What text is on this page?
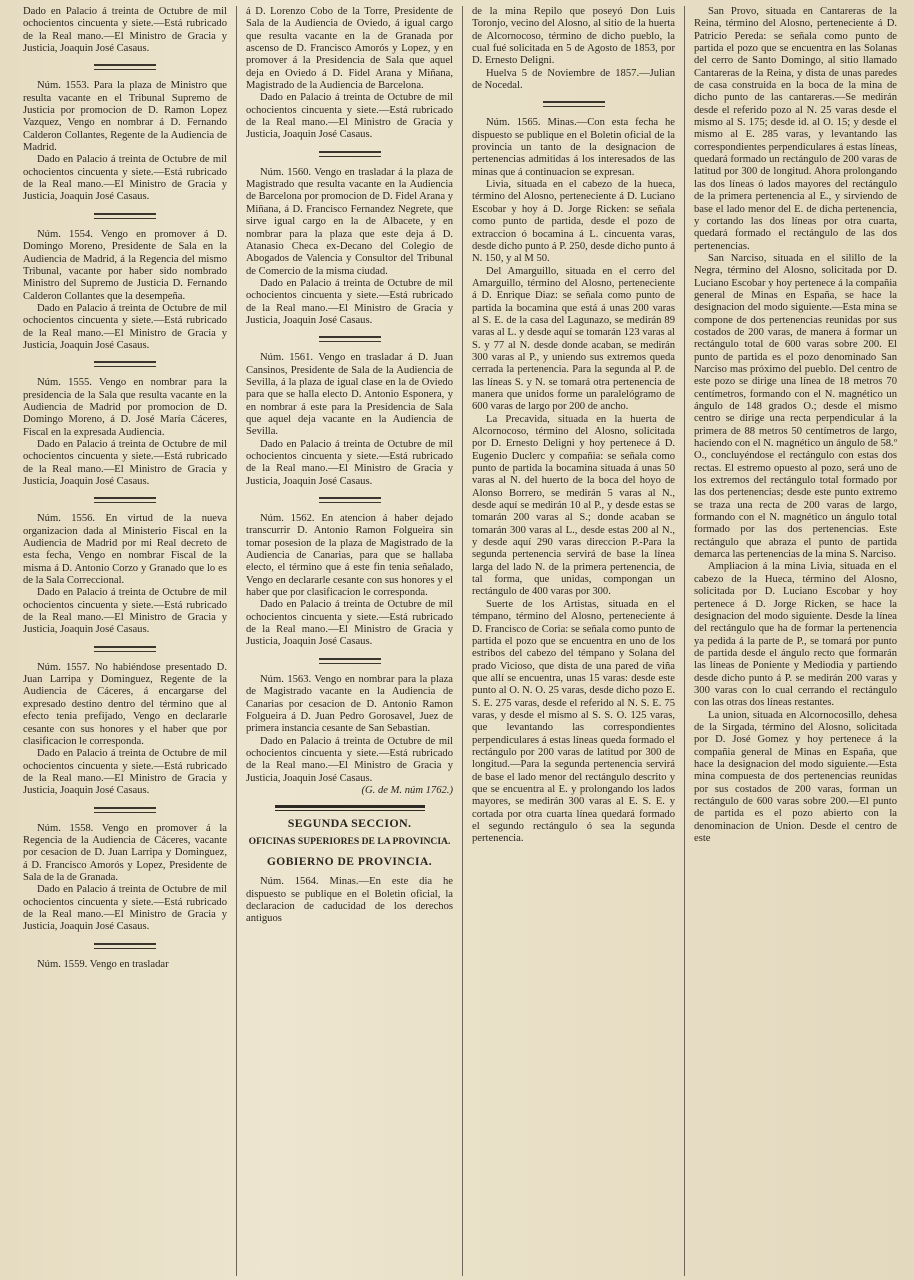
Dado en Palacio á treinta de Octubre de mil ochocientos cincuenta y siete.—Está rubricado de la Real mano.—El Ministro de Gracia y Justicia, Joaquin José Casaus.

Núm. 1553. Para la plaza de Ministro que resulta vacante en el Tribunal Supremo de Justicia por promocion de D. Ramon Lopez Vazquez, Vengo en nombrar á D. Fernando Calderon Collantes, Regente de la Audiencia de Madrid.

Dado en Palacio á treinta de Octubre de mil ochocientos cincuenta y siete.—Está rubricado de la Real mano.—El Ministro de Gracia y Justicia, Joaquin José Casaus.

Núm. 1554. Vengo en promover á D. Domingo Moreno, Presidente de Sala en la Audiencia de Madrid, á la Regencia del mismo Tribunal, vacante por haber sido nombrado Ministro del Supremo de Justicia D. Fernando Calderon Collantes que la desempeña.

Dado en Palacio á treinta de Octubre de mil ochocientos cincuenta y siete.—Está rubricado de la Real mano.—El Ministro de Gracia y Justicia, Joaquin José Casaus.

Núm. 1555. Vengo en nombrar para la presidencia de la Sala que resulta vacante en la Audiencia de Madrid por promocion de D. Domingo Moreno, á D. José María Cáceres, Fiscal en la expresada Audiencia.

Dado en Palacio á treinta de Octubre de mil ochocientos cincuenta y siete.—Está rubricado de la Real mano.—El Ministro de Gracia y Justicia, Joaquin José Casaus.

Núm. 1556. En virtud de la nueva organizacion dada al Ministerio Fiscal en la Audiencia de Madrid por mi Real decreto de esta fecha, Vengo en nombrar Fiscal de la misma á D. Antonio Corzo y Granado que lo es de la Sala Correccional.

Dado en Palacio á treinta de Octubre de mil ochocientos cincuenta y siete.—Está rubricado de la Real mano.—El Ministro de Gracia y Justicia, Joaquin José Casaus.

Núm. 1557. No habiéndose presentado D. Juan Larripa y Dominguez, Regente de la Audiencia de Cáceres, á encargarse del expresado destino dentro del término que al efecto tenia prefijado, Vengo en declararle cesante con sus honores y el haber que por clasificacion le corresponda.

Dado en Palacio á treinta de Octubre de mil ochocientos cincuenta y siete.—Está rubricado de la Real mano.—El Ministro de Gracia y Justicia, Joaquin José Casaus.

Núm. 1558. Vengo en promover á la Regencia de la Audiencia de Cáceres, vacante por cesacion de D. Juan Larripa y Dominguez, á D. Francisco Amorós y Lopez, Presidente de Sala de la de Granada.

Dado en Palacio á treinta de Octubre de mil ochocientos cincuenta y siete.—Está rubricado de la Real mano.—El Ministro de Gracia y Justicia, Joaquin José Casaus.

Núm. 1559. Vengo en trasladar

á D. Lorenzo Cobo de la Torre, Presidente de Sala de la Audiencia de Oviedo, á igual cargo que resulta vacante en la de Granada por ascenso de D. Francisco Amorós y Lopez, y en promover á la Presidencia de Sala que aquel deja en Oviedo á D. Fidel Arana y Miñana, Magistrado de la Audiencia de Barcelona.

Dado en Palacio á treinta de Octubre de mil ochocientos cincuenta y siete.—Está rubricado de la Real mano.—El Ministro de Gracia y Justicia, Joaquin José Casaus.

Núm. 1560. Vengo en trasladar á la plaza de Magistrado que resulta vacante en la Audiencia de Barcelona por promocion de D. Fidel Arana y Miñana, á D. Francisco Fernandez Negrete, que sirve igual cargo en la de Albacete, y en nombrar para la plaza que este deja á D. Atanasio Checa ex-Decano del Colegio de Abogados de Valencia y Consultor del Tribunal de Comercio de la misma ciudad.

Dado en Palacio á treinta de Octubre de mil ochocientos cincuenta y siete.—Está rubricado de la Real mano.—El Ministro de Gracia y Justicia, Joaquin José Casaus.

Núm. 1561. Vengo en trasladar á D. Juan Cansinos, Presidente de Sala de la Audiencia de Sevilla, á la plaza de igual clase en la de Oviedo para que se halla electo D. Antonio Esponera, y en nombrar á este para la Presidencia de Sala que aquel deja vacante en la Audiencia de Sevilla.

Dado en Palacio á treinta de Octubre de mil ochocientos cincuenta y siete.—Está rubricado de la Real mano.—El Ministro de Gracia y Justicia, Joaquin José Casaus.

Núm. 1562. En atencion á haber dejado transcurrir D. Antonio Ramon Folgueira sin tomar posesion de la plaza de Magistrado de la Audiencia de Canarias, para que se hallaba electo, el término que á este fin tenia señalado, Vengo en declararle cesante con sus honores y el haber que por clasificacion le corresponda.

Dado en Palacio á treinta de Octubre de mil ochocientos cincuenta y siete.—Está rubricado de la Real mano.—El Ministro de Gracia y Justicia, Joaquin José Casaus.

Núm. 1563. Vengo en nombrar para la plaza de Magistrado vacante en la Audiencia de Canarias por cesacion de D. Antonio Ramon Folgueira á D. Juan Pedro Gorosavel, Juez de primera instancia cesante de San Sebastian.

Dado en Palacio á treinta de Octubre de mil ochocientos cincuenta y siete.—Está rubricado de la Real mano.—El Ministro de Gracia y Justicia, Joaquin José Casaus.

(G. de M. núm 1762.)

SEGUNDA SECCION.
OFICINAS SUPERIORES DE LA PROVINCIA.
GOBIERNO DE PROVINCIA.

Núm. 1564. Minas.—En este dia he dispuesto se publique en el Boletin oficial, la declaracion de caducidad de los derechos antiguos

de la mina Repilo que poseyó Don Luis Toronjo, vecino del Alosno, al sitio de la huerta de Alcornocoso, término de dicho pueblo, la cual fué solicitada en 5 de Agosto de 1853, por D. Ernesto Deligni.

Huelva 5 de Noviembre de 1857.—Julian de Nocedal.

Núm. 1565. Minas.—Con esta fecha he dispuesto se publique en el Boletin oficial de la provincia un tanto de la designacion de pertenencias admitidas á los interesados de las minas que á continuacion se expresan.

Livia, situada en el cabezo de la hueca, término del Alosno, perteneciente á D. Luciano Escobar y hoy á D. Jorge Ricken: se señala como punto de partida, desde el pozo de extraccion ó bocamina á L. cincuenta varas, desde dicho punto á P. 250, desde dicho punto á N. 150, y al M 50.

Del Amarguillo, situada en el cerro del Amarguillo, término del Alosno, perteneciente á D. Enrique Diaz: se señala como punto de partida la bocamina que está á unas 200 varas al S. E. de la casa del Lagunazo, se medirán 89 varas al L. y desde aquí se tomarán 123 varas al S. y 77 al N. desde donde acaban, se medirán 300 varas al P., y uniendo sus extremos queda cerrada la pertenencia. Para la segunda al P. de las líneas S. y N. se tomará otra pertenencia de manera que unidos forme un paralelógramo de 600 varas de largo por 200 de ancho.

La Precavida, situada en la huerta de Alcornocoso, término del Alosno, solicitada por D. Ernesto Deligni y hoy pertenece á D. Eugenio Duclerc y compañia: se señala como punto de partida la bocamina situada á unas 50 varas al N. del huerto de la boca del hoyo de Alonso Borrero, se medirán 5 varas al N., desde aquí se medirán 10 al P., y desde estas se tomarán 200 varas al S.; donde acaban se tomarán 300 varas al L., desde estas 200 al N., y desde aquí 290 varas direccion P.-Para la segunda pertenencia servirá de base la línea larga del lado N. de la primera pertenencia, de tal forma, que unidas, compongan un rectángulo de 400 varas por 300.

Suerte de los Artistas, situada en el témpano, término del Alosno, perteneciente á D. Francisco de Coria: se señala como punto de partida el pozo que se encuentra en uno de los estribos del cabezo del témpano y Solana del prado Vicioso, que dista de una pared de viña que allí se encuentra, unas 15 varas: desde este punto al O. N. O. 25 varas, desde dicho pozo E. S. E. 275 varas, desde el referido al N. S. E. 75 varas, y desde el mismo al S. S. O. 125 varas, que levantando las correspondientes perpendiculares á estas líneas queda formado el rectángulo por 200 varas de latitud por 300 de longitud.—Para la segunda pertenencia servirá de base el lado menor del rectángulo descrito y que se encuentra al E. y prolongando los lados mayores, se medirán 300 varas al E. S. E. y cortada por otra cuarta línea quedará formado el segundo rectángulo ó sea la segunda pertenencia.

San Provo, situada en Cantareras de la Reina, término del Alosno, perteneciente á D. Patricio Pereda: se señala como punto de partida el pozo que se encuentra en las Solanas del cerro de Santo Domingo, al sitio llamado Cantareras de la Reina, y dista de unas paredes de casa construida en la boca de la mina de dicho punto de las cantareras.—Se medirán desde el referido pozo al N. 25 varas desde el mismo al S. 175; desde id. al O. 15; y desde el mismo al E. 285 varas, y levantando las correspondientes perpendiculares á estas líneas, quedará formado un rectángulo de 200 varas de latitud por 300 de longitud. Ahora prolongando las dos líneas ó lados mayores del rectángulo de la primera pertenencia al E., y sirviendo de base el lado menor del E. de dicha pertenencia, y cortando las dos líneas por otra cuarta, quedará formado el rectángulo de las dos pertenencias.

San Narciso, situada en el silillo de la Negra, término del Alosno, solicitada por D. Luciano Escobar y hoy pertenece á la compañia general de Minas en España, se hace la designacion del modo siguiente.—Esta mina se compone de dos pertenencias reunidas por sus costados de 200 varas, de manera á formar un rectángulo total de 600 varas sobre 200. El punto de partida es el pozo denominado San Narciso mas próximo del pueblo. Del centro de este pozo se dirige una línea de 18 metros 70 centímetros, formando con el N. magnético un ángulo de 148 grados O.; desde el mismo centro se dirige una recta perpendicular á la primera de 88 metros 50 centímetros de largo, haciendo con el N. magnético un ángulo de 58.º O., concluyéndose el rectángulo con estas dos rectas. El estremo opuesto al pozo, será uno de los extremos del rectángulo total formado por las dos pertenencias; desde este punto extremo se traza una recta de 200 varas de largo, formando con el N. magnético un ángulo total formado por las dos pertenencias. Este rectángulo que abraza el punto de partida demarca las pertenencias de la mina S. Narciso.

Ampliacion á la mina Livia, situada en el cabezo de la Hueca, término del Alosno, solicitada por D. Luciano Escobar y hoy pertenece á D. Jorge Ricken, se hace la designacion del modo siguiente. Desde la línea del rectángulo que ha de formar la pertenencia ya pedida á la parte de P., se tomará por punto de partida desde el ángulo recto que formarán las líneas de Poniente y Mediodia y partiendo desde dicho punto á P. se medirán 200 varas y 300 varas con lo cual cerrando el rectángulo con las otras dos líneas restantes.

La union, situada en Alcornocosillo, dehesa de la Sirgada, término del Alosno, solicitada por D. José Gomez y hoy pertenece á la compañia general de Minas en España, que hace la designacion del modo siguiente.—Esta mina compuesta de dos pertenencias reunidas por sus costados de 200 varas, forman un rectángulo de 600 varas sobre 200.—El punto de partida es el pozo abierto con la denominacion de Union. Desde el centro de este
